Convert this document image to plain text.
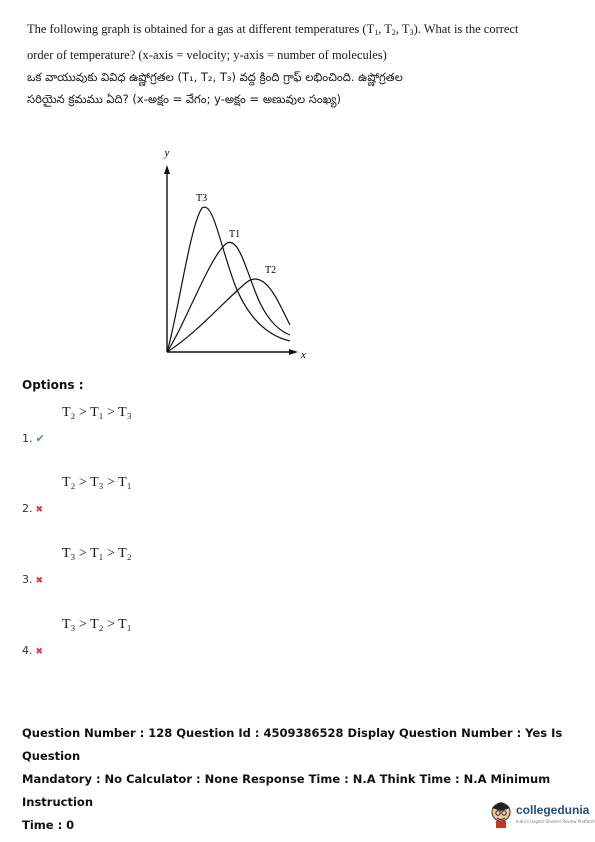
The following graph is obtained for a gas at different temperatures ($T_1$, $T_2$, $T_3$). What is the correct

order of temperature? (x-axis = velocity; y-axis = number of molecules)

ఒక వాయువుకు వివిధ ఉష్ణోగ్రతల (T₁, T₂, T₃) వద్ద క్రింది గ్రాఫ్ లభించింది. ఉష్ణోగ్రతల

సరియైన క్రమము ఏది? (x-అక్షం = వేగం; y-అక్షం = అణువుల సంఖ్య)

y
x
T3
T1
T2
Options :
T₂ > T₁ > T₃
1. ✔
T₂ > T₃ > T₁
2. ✖
T₃ > T₁ > T₂
3. ✖
T₃ > T₂ > T₁
4. ✖
Question Number : 128 Question Id : 4509386528 Display Question Number : Yes Is Question
Mandatory : No Calculator : None Response Time : N.A Think Time : N.A Minimum Instruction
Time : 0
collegedunia
India's largest Student Review Platform
